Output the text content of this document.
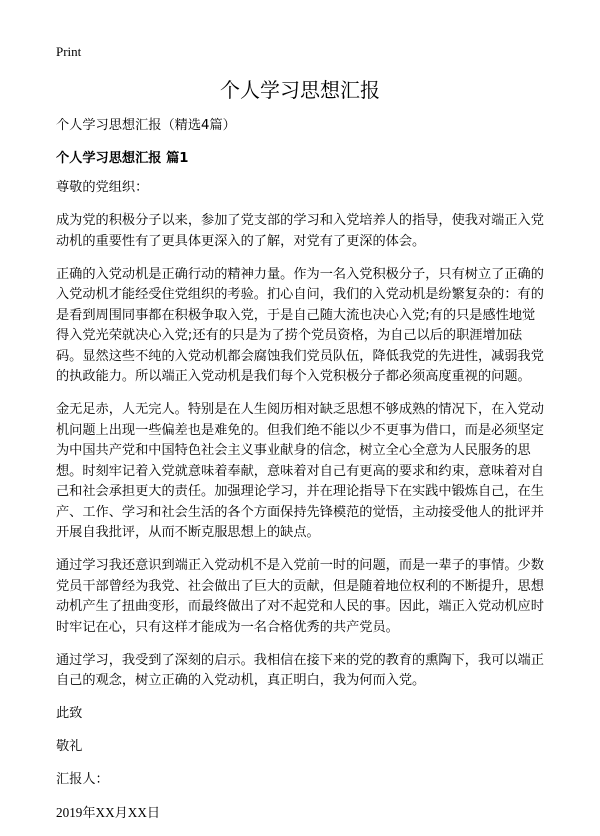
Print
个人学习思想汇报

个人学习思想汇报（精选4篇）

个人学习思想汇报 篇1

尊敬的党组织：

成为党的积极分子以来，参加了党支部的学习和入党培养人的指导，使我对端正入党动机的重要性有了更具体更深入的了解，对党有了更深的体会。

正确的入党动机是正确行动的精神力量。作为一名入党积极分子，只有树立了正确的入党动机才能经受住党组织的考验。扪心自问，我们的入党动机是纷繁复杂的：有的是看到周围同事都在积极争取入党，于是自己随大流也决心入党;有的只是感性地觉得入党光荣就决心入党;还有的只是为了捞个党员资格，为自己以后的职涯增加砝码。显然这些不纯的入党动机都会腐蚀我们党员队伍，降低我党的先进性，减弱我党的执政能力。所以端正入党动机是我们每个入党积极分子都必须高度重视的问题。

金无足赤，人无完人。特别是在人生阅历相对缺乏思想不够成熟的情况下，在入党动机问题上出现一些偏差也是难免的。但我们绝不能以少不更事为借口，而是必须坚定为中国共产党和中国特色社会主义事业献身的信念，树立全心全意为人民服务的思想。时刻牢记着入党就意味着奉献，意味着对自己有更高的要求和约束，意味着对自己和社会承担更大的责任。加强理论学习，并在理论指导下在实践中锻炼自己，在生产、工作、学习和社会生活的各个方面保持先锋模范的觉悟，主动接受他人的批评并开展自我批评，从而不断克服思想上的缺点。

通过学习我还意识到端正入党动机不是入党前一时的问题，而是一辈子的事情。少数党员干部曾经为我党、社会做出了巨大的贡献，但是随着地位权利的不断提升，思想动机产生了扭曲变形，而最终做出了对不起党和人民的事。因此，端正入党动机应时时牢记在心，只有这样才能成为一名合格优秀的共产党员。

通过学习，我受到了深刻的启示。我相信在接下来的党的教育的熏陶下，我可以端正自己的观念，树立正确的入党动机，真正明白，我为何而入党。

此致

敬礼

汇报人：

2019年XX月XX日
